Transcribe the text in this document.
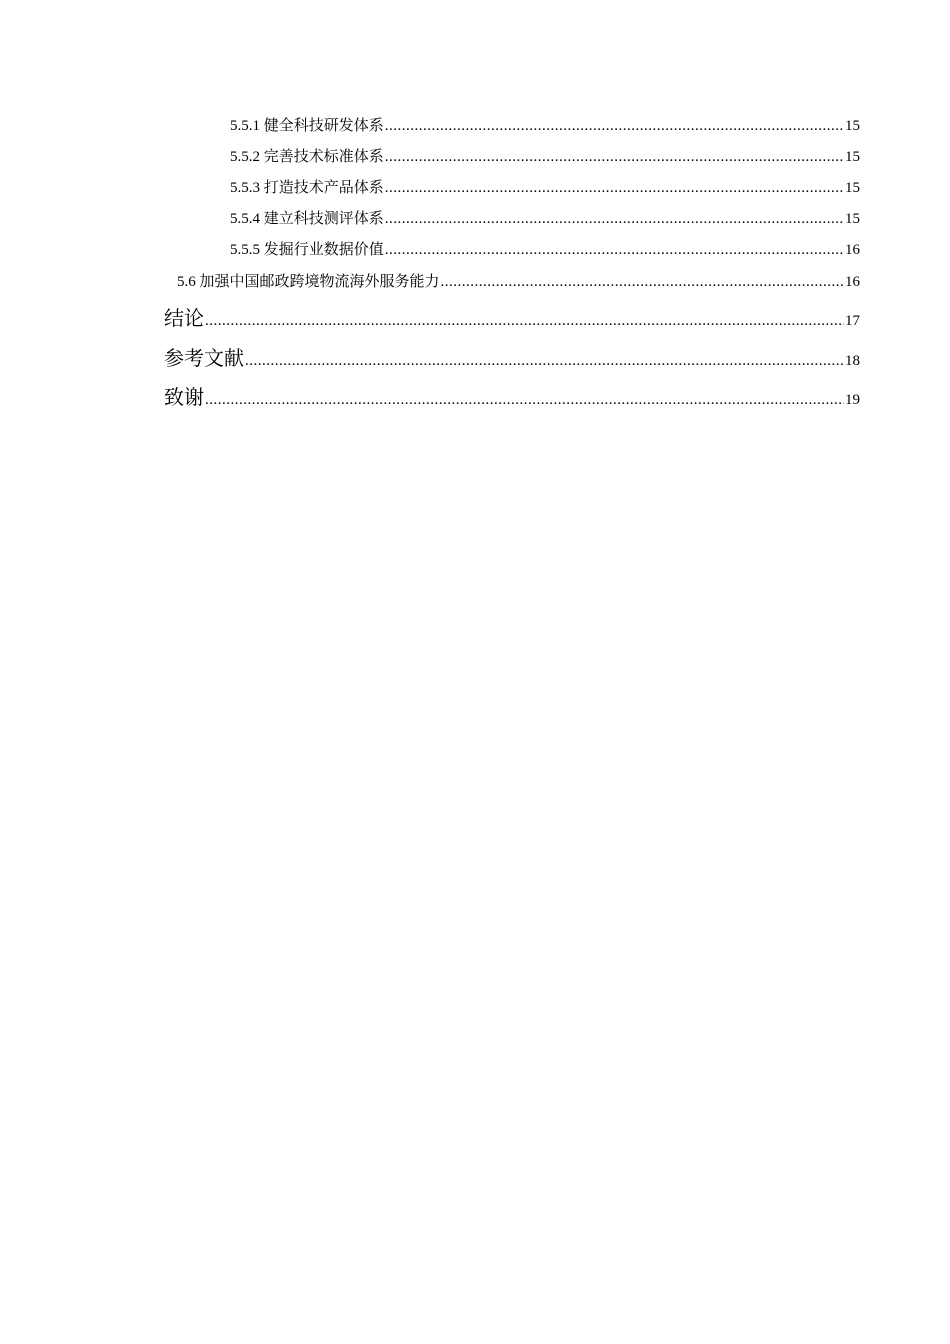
5.5.1 健全科技研发体系 .....	15
5.5.2 完善技术标准体系 .....	15
5.5.3 打造技术产品体系 .....	15
5.5.4 建立科技测评体系 .....	15
5.5.5 发掘行业数据价值 .....	16
5.6 加强中国邮政跨境物流海外服务能力 .....	16
结论 .....	17
参考文献 .....	18
致谢 .....	19
